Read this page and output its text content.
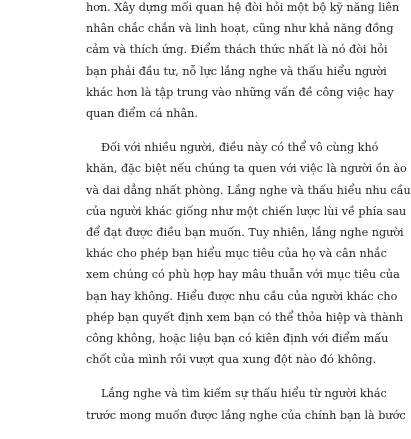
hơn. Xây dựng mối quan hệ đòi hỏi một bộ kỹ năng liên
nhân chắc chắn và linh hoạt, cũng như khả năng đồng
cảm và thích ứng. Điểm thách thức nhất là nó đòi hỏi
bạn phải đầu tư, nỗ lực lắng nghe và thấu hiểu người
khác hơn là tập trung vào những vấn đề công việc hay
quan điểm cá nhân.

Đối với nhiều người, điều này có thể vô cùng khó
khăn, đặc biệt nếu chúng ta quen với việc là người ồn ào
và dai dẳng nhất phòng. Lắng nghe và thấu hiểu nhu cầu
của người khác giống như một chiến lược lùi về phía sau
để đạt được điều bạn muốn. Tuy nhiên, lắng nghe người
khác cho phép bạn hiểu mục tiêu của họ và cân nhắc
xem chúng có phù hợp hay mâu thuẫn với mục tiêu của
bạn hay không. Hiểu được nhu cầu của người khác cho
phép bạn quyết định xem bạn có thể thỏa hiệp và thành
công không, hoặc liệu bạn có kiên định với điểm mấu
chốt của mình rồi vượt qua xung đột nào đó không.

Lắng nghe và tìm kiếm sự thấu hiểu từ người khác
trước mong muốn được lắng nghe của chính bạn là bước
